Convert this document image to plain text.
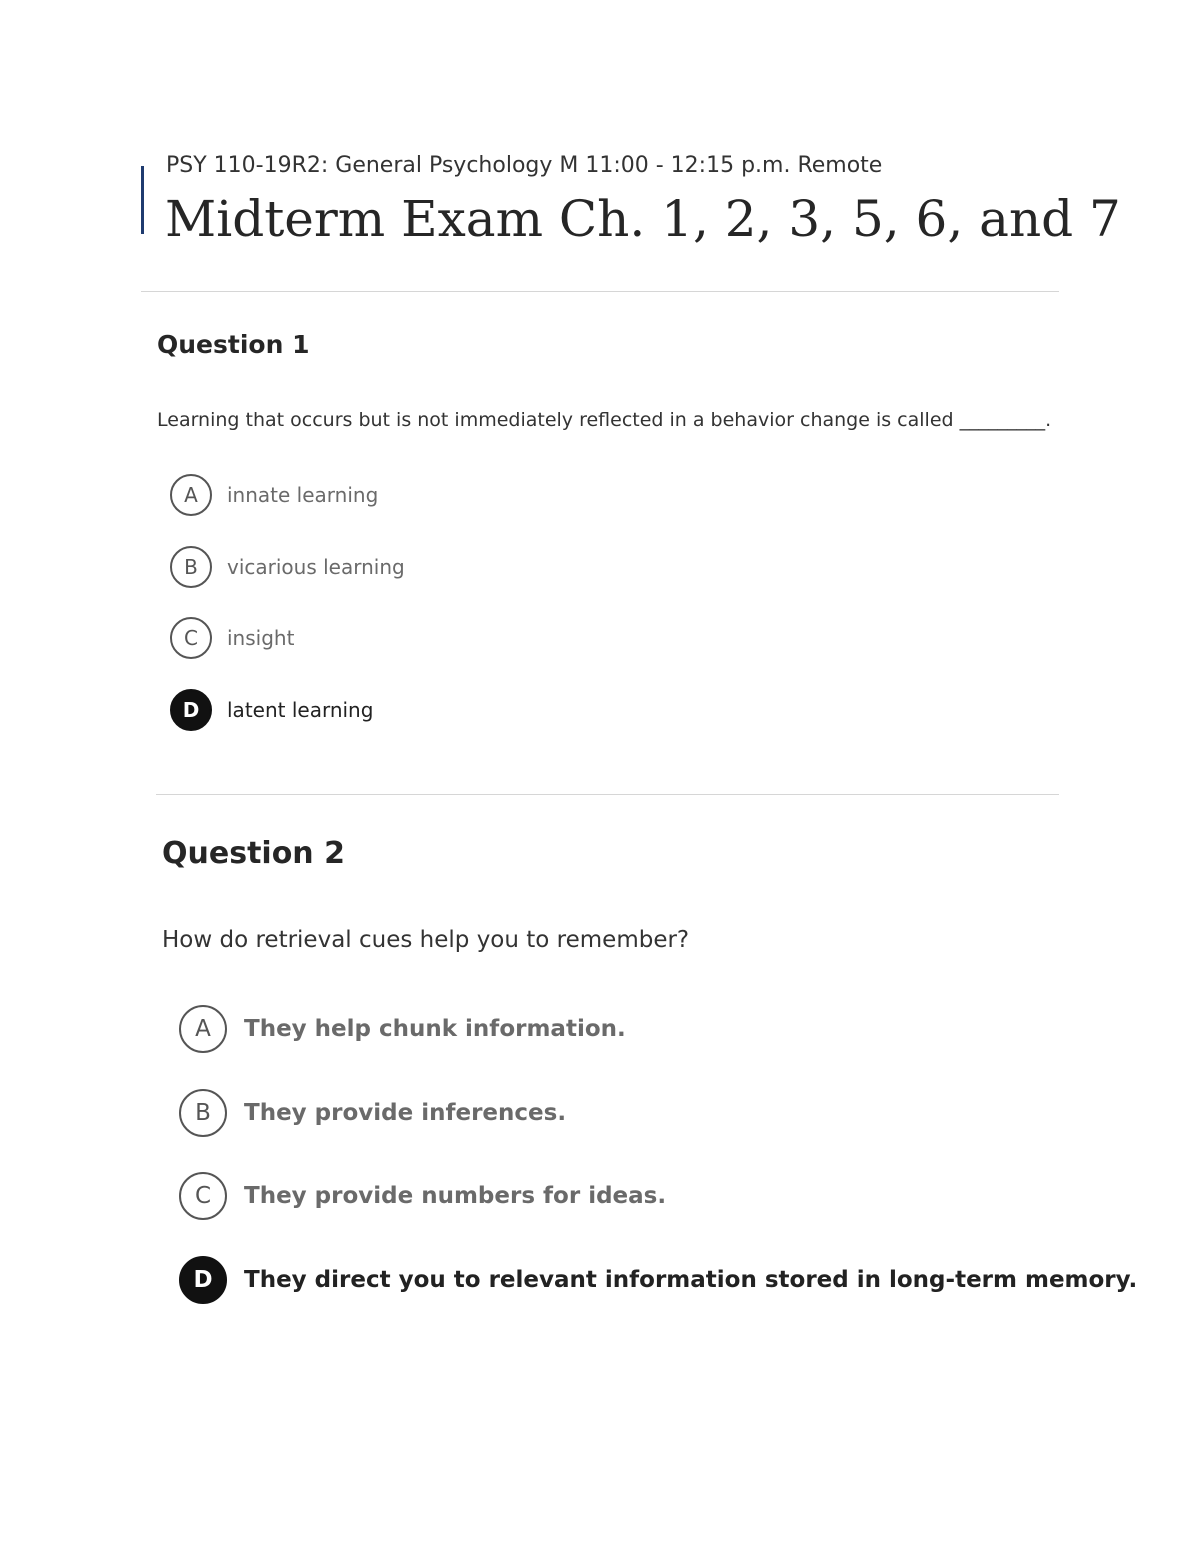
PSY 110-19R2: General Psychology M 11:00 - 12:15 p.m. Remote
Midterm Exam Ch. 1, 2, 3, 5, 6, and 7
Question 1
Learning that occurs but is not immediately reflected in a behavior change is called _________.
A	innate learning
B	vicarious learning
C	insight
D	latent learning
Question 2
How do retrieval cues help you to remember?
A	They help chunk information.
B	They provide inferences.
C	They provide numbers for ideas.
D	They direct you to relevant information stored in long-term memory.
